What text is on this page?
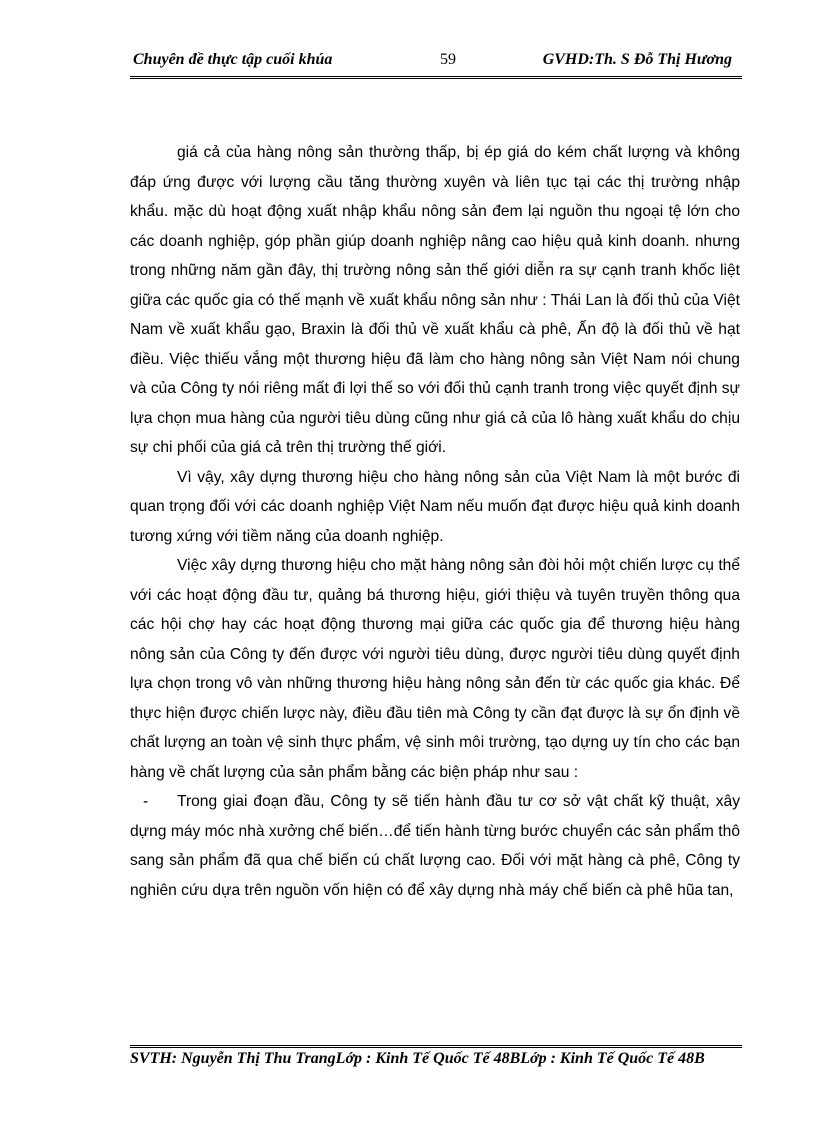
Chuyên đề thực tập cuối khúa	59	GVHD:Th. S Đỗ Thị Hương

giá cả của hàng nông sản thường thấp, bị ép giá do kém chất lượng và không đáp ứng được với lượng cầu tăng thường xuyên và liên tục tại các thị trường nhập khẩu. mặc dù hoạt động xuất nhập khẩu nông sản đem lại nguồn thu ngoại tệ lớn cho các doanh nghiệp, góp phần giúp doanh nghiệp nâng cao hiệu quả kinh doanh. nhưng trong những năm gần đây, thị trường nông sản thế giới diễn ra sự cạnh tranh khốc liệt giữa các quốc gia có thế mạnh về xuất khẩu nông sản như : Thái Lan là đối thủ của Việt Nam về xuất khẩu gạo, Braxin là đối thủ về xuất khẩu cà phê, Ấn độ là đối thủ về hạt điều. Việc thiếu vắng một thương hiệu đã làm cho hàng nông sản Việt Nam nói chung và của Công ty nói riêng mất đi lợi thế so với đối thủ cạnh tranh trong việc quyết định sự lựa chọn mua hàng của người tiêu dùng cũng như giá cả của lô hàng xuất khẩu do chịu sự chi phối của giá cả trên thị trường thế giới.

Vì vậy, xây dựng thương hiệu cho hàng nông sản của Việt Nam là một bước đi quan trọng đối với các doanh nghiệp Việt Nam nếu muốn đạt được hiệu quả kinh doanh tương xứng với tiềm năng của doanh nghiệp.

Việc xây dựng thương hiệu cho mặt hàng nông sản đòi hỏi một chiến lược cụ thể với các hoạt động đầu tư, quảng bá thương hiệu, giới thiệu và tuyên truyền thông qua các hội chợ hay các hoạt động thương mại giữa các quốc gia để thương hiệu hàng nông sản của Công ty đến được với người tiêu dùng, được người tiêu dùng quyết định lựa chọn trong vô vàn những thương hiệu hàng nông sản đến từ các quốc gia khác. Để thực hiện được chiến lược này, điều đầu tiên mà Công ty cần đạt được là sự ổn định về chất lượng an toàn vệ sinh thực phẩm, vệ sinh môi trường, tạo dựng uy tín cho các bạn hàng về chất lượng của sản phẩm bằng các biện pháp như sau :

- Trong giai đoạn đầu, Công ty sẽ tiến hành đầu tư cơ sở vật chất kỹ thuật, xây dựng máy móc nhà xưởng chế biến…để tiến hành từng bước chuyển các sản phẩm thô sang sản phẩm đã qua chế biến cú chất lượng cao. Đối với mặt hàng cà phê, Công ty nghiên cứu dựa trên nguồn vốn hiện có để xây dựng nhà máy chế biến cà phê hũa tan,

SVTH: Nguyễn Thị Thu TrangLớp : Kinh Tế Quốc Tế 48BLớp : Kinh Tế Quốc Tế 48B
